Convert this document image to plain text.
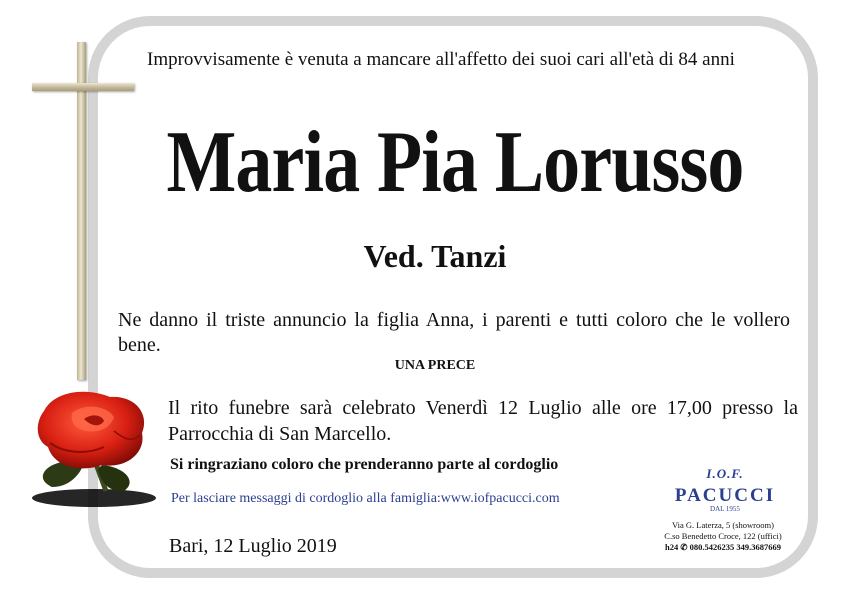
Improvvisamente è venuta a mancare all'affetto dei suoi cari all'età di 84 anni
Maria Pia Lorusso
Ved. Tanzi
Ne danno il triste annuncio la figlia Anna, i parenti e tutti coloro che le vollero bene.
UNA PRECE
Il rito funebre sarà celebrato Venerdì 12 Luglio alle ore 17,00 presso la Parrocchia di San Marcello.
Si ringraziano coloro che prenderanno parte al cordoglio
Per lasciare messaggi di cordoglio alla famiglia:www.iofpacucci.com
Bari, 12 Luglio 2019
I.O.F.
PACUCCI
DAL 1955
Via G. Laterza, 5 (showroom)
C.so Benedetto Croce, 122 (uffici)
h24 ✆ 080.5426235 349.3687669
